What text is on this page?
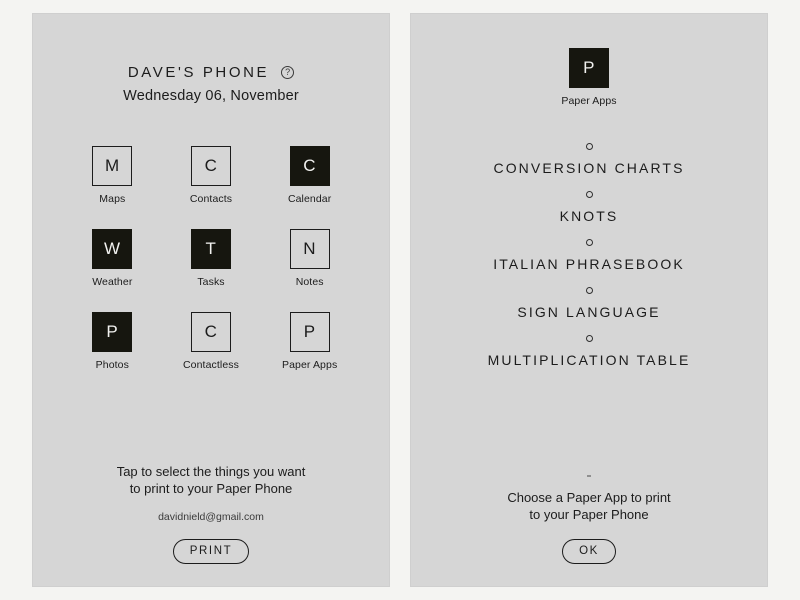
DAVE'S PHONE	?
Wednesday 06, November
M
Maps
C
Contacts
C
Calendar
W
Weather
T
Tasks
N
Notes
P
Photos
C
Contactless
P
Paper Apps
Tap to select the things you want
to print to your Paper Phone
davidnield@gmail.com
PRINT
P
Paper Apps
CONVERSION CHARTS
KNOTS
ITALIAN PHRASEBOOK
SIGN LANGUAGE
MULTIPLICATION TABLE
Choose a Paper App to print
to your Paper Phone
OK
